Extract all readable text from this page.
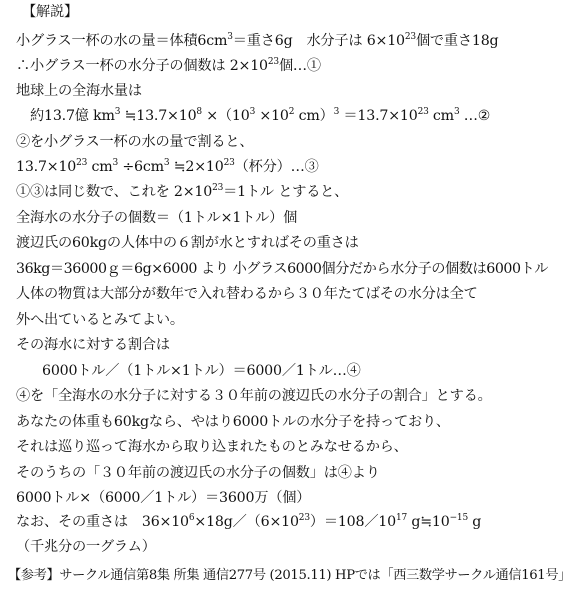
【解説】
小グラス一杯の水の量＝体積$6cm^3=$重さ6g　水分子は $6\times 10^{23}$個で重さ18g
∴小グラス一杯の水分子の個数は $2\times 10^{23}$個…①
地球上の全海水量は
約13.7億 $km^3$ $≒13.7\times 10^8 \times(10^3 \times 10^2$ $cm)^3 =13.7\times 10^{23}$ $cm^3$ …②
②を小グラス一杯の水の量で割ると、
$13.7\times 10^{23}$ $cm^3 \div 6cm^3$ $≒2\times 10^{23}$（杯分）…③
①③は同じ数で、これを $2\times 10^{23}=1$トル とすると、
全海水の水分子の個数＝（1トル×1トル）個
渡辺氏の60kgの人体中の６割が水とすればその重さは
36kg＝36000ｇ＝6g×6000 より 小グラス6000個分だから水分子の個数は6000トル
人体の物質は大部分が数年で入れ替わるから３０年たてばその水分は全て
外へ出ているとみてよい。
その海水に対する割合は
6000トル／（1トル×1トル）＝6000／1トル…④
④を「全海水の水分子に対する３０年前の渡辺氏の水分子の割合」とする。
あなたの体重も60kgなら、やはり6000トルの水分子を持っており、
それは巡り巡って海水から取り込まれたものとみなせるから、
そのうちの「３０年前の渡辺氏の水分子の個数」は④より
6000トル×（6000／1トル）＝3600万（個）
なお、その重さは　$36\times 10^6\times 18g/(6\times 10^{23})=108/10^{17}$ $g≒10^{-15}$ g
（千兆分の一グラム）
【参考】サークル通信第8集 所集 通信277号 (2015.11) HPでは「西三数学サークル通信161号」
